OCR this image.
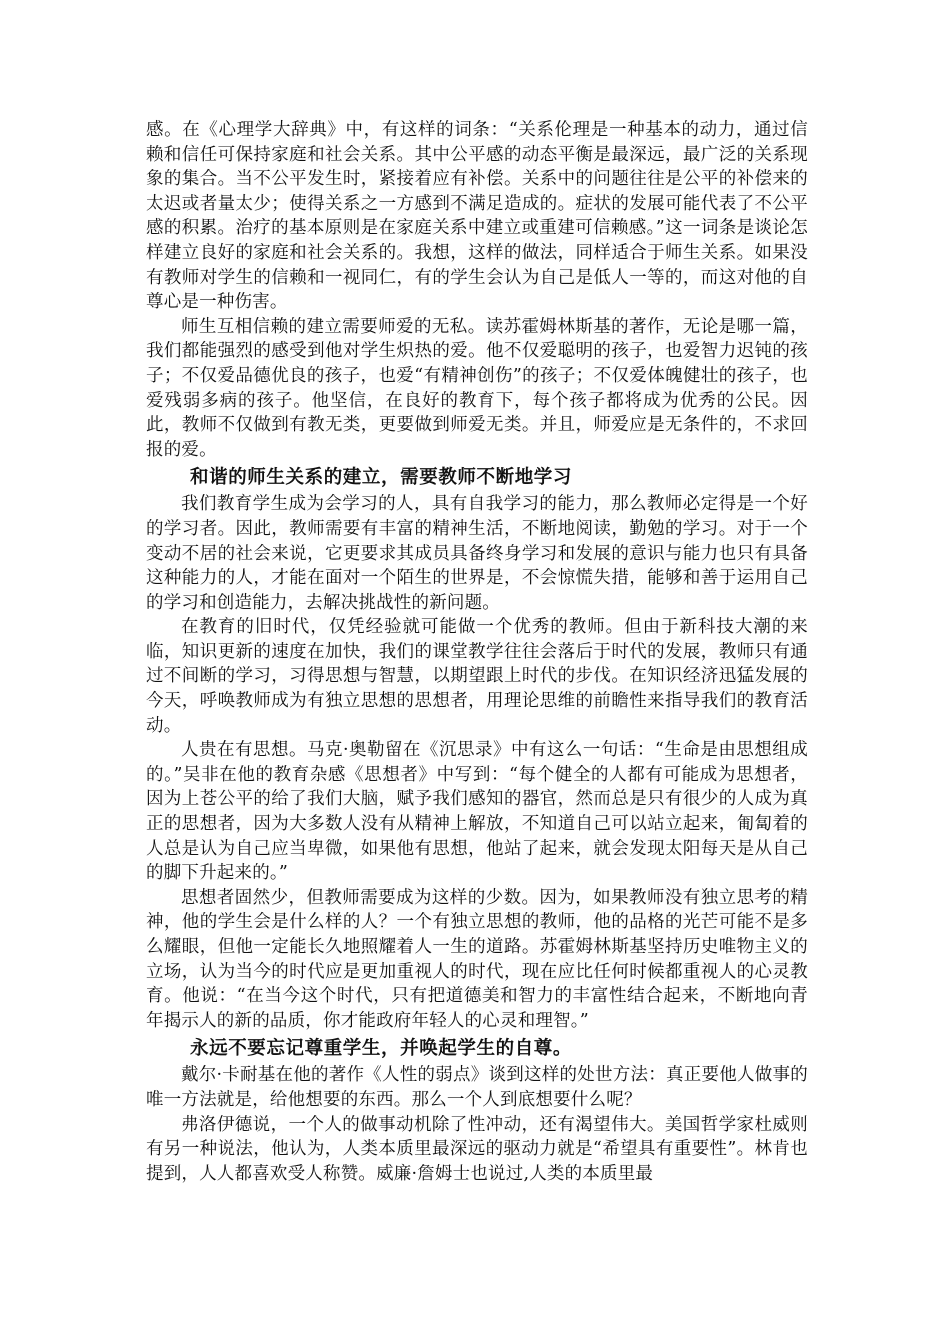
感。在《心理学大辞典》中，有这样的词条：“关系伦理是一种基本的动力，通过信赖和信任可保持家庭和社会关系。其中公平感的动态平衡是最深远，最广泛的关系现象的集合。当不公平发生时，紧接着应有补偿。关系中的问题往往是公平的补偿来的太迟或者量太少；使得关系之一方感到不满足造成的。症状的发展可能代表了不公平感的积累。治疗的基本原则是在家庭关系中建立或重建可信赖感。”这一词条是谈论怎样建立良好的家庭和社会关系的。我想，这样的做法，同样适合于师生关系。如果没有教师对学生的信赖和一视同仁，有的学生会认为自己是低人一等的，而这对他的自尊心是一种伤害。

师生互相信赖的建立需要师爱的无私。读苏霍姆林斯基的著作，无论是哪一篇，我们都能强烈的感受到他对学生炽热的爱。他不仅爱聪明的孩子，也爱智力迟钝的孩子；不仅爱品德优良的孩子，也爱“有精神创伤”的孩子；不仅爱体魄健壮的孩子，也爱残弱多病的孩子。他坚信，在良好的教育下，每个孩子都将成为优秀的公民。因此，教师不仅做到有教无类，更要做到师爱无类。并且，师爱应是无条件的，不求回报的爱。

和谐的师生关系的建立，需要教师不断地学习

我们教育学生成为会学习的人，具有自我学习的能力，那么教师必定得是一个好的学习者。因此，教师需要有丰富的精神生活，不断地阅读，勤勉的学习。对于一个变动不居的社会来说，它更要求其成员具备终身学习和发展的意识与能力也只有具备这种能力的人，才能在面对一个陌生的世界是，不会惊慌失措，能够和善于运用自己的学习和创造能力，去解决挑战性的新问题。

在教育的旧时代，仅凭经验就可能做一个优秀的教师。但由于新科技大潮的来临，知识更新的速度在加快，我们的课堂教学往往会落后于时代的发展，教师只有通过不间断的学习，习得思想与智慧，以期望跟上时代的步伐。在知识经济迅猛发展的今天，呼唤教师成为有独立思想的思想者，用理论思维的前瞻性来指导我们的教育活动。

人贵在有思想。马克·奥勒留在《沉思录》中有这么一句话：“生命是由思想组成的。”吴非在他的教育杂感《思想者》中写到：“每个健全的人都有可能成为思想者，因为上苍公平的给了我们大脑，赋予我们感知的器官，然而总是只有很少的人成为真正的思想者，因为大多数人没有从精神上解放，不知道自己可以站立起来，匍匐着的人总是认为自己应当卑微，如果他有思想，他站了起来，就会发现太阳每天是从自己的脚下升起来的。”

思想者固然少，但教师需要成为这样的少数。因为，如果教师没有独立思考的精神，他的学生会是什么样的人？一个有独立思想的教师，他的品格的光芒可能不是多么耀眼，但他一定能长久地照耀着人一生的道路。苏霍姆林斯基坚持历史唯物主义的立场，认为当今的时代应是更加重视人的时代，现在应比任何时候都重视人的心灵教育。他说：“在当今这个时代，只有把道德美和智力的丰富性结合起来，不断地向青年揭示人的新的品质，你才能政府年轻人的心灵和理智。”

永远不要忘记尊重学生，并唤起学生的自尊。

戴尔·卡耐基在他的著作《人性的弱点》谈到这样的处世方法：真正要他人做事的唯一方法就是，给他想要的东西。那么一个人到底想要什么呢？

弗洛伊德说，一个人的做事动机除了性冲动，还有渴望伟大。美国哲学家杜威则有另一种说法，他认为，人类本质里最深远的驱动力就是“希望具有重要性”。林肯也提到，人人都喜欢受人称赞。威廉·詹姆士也说过,人类的本质里最
